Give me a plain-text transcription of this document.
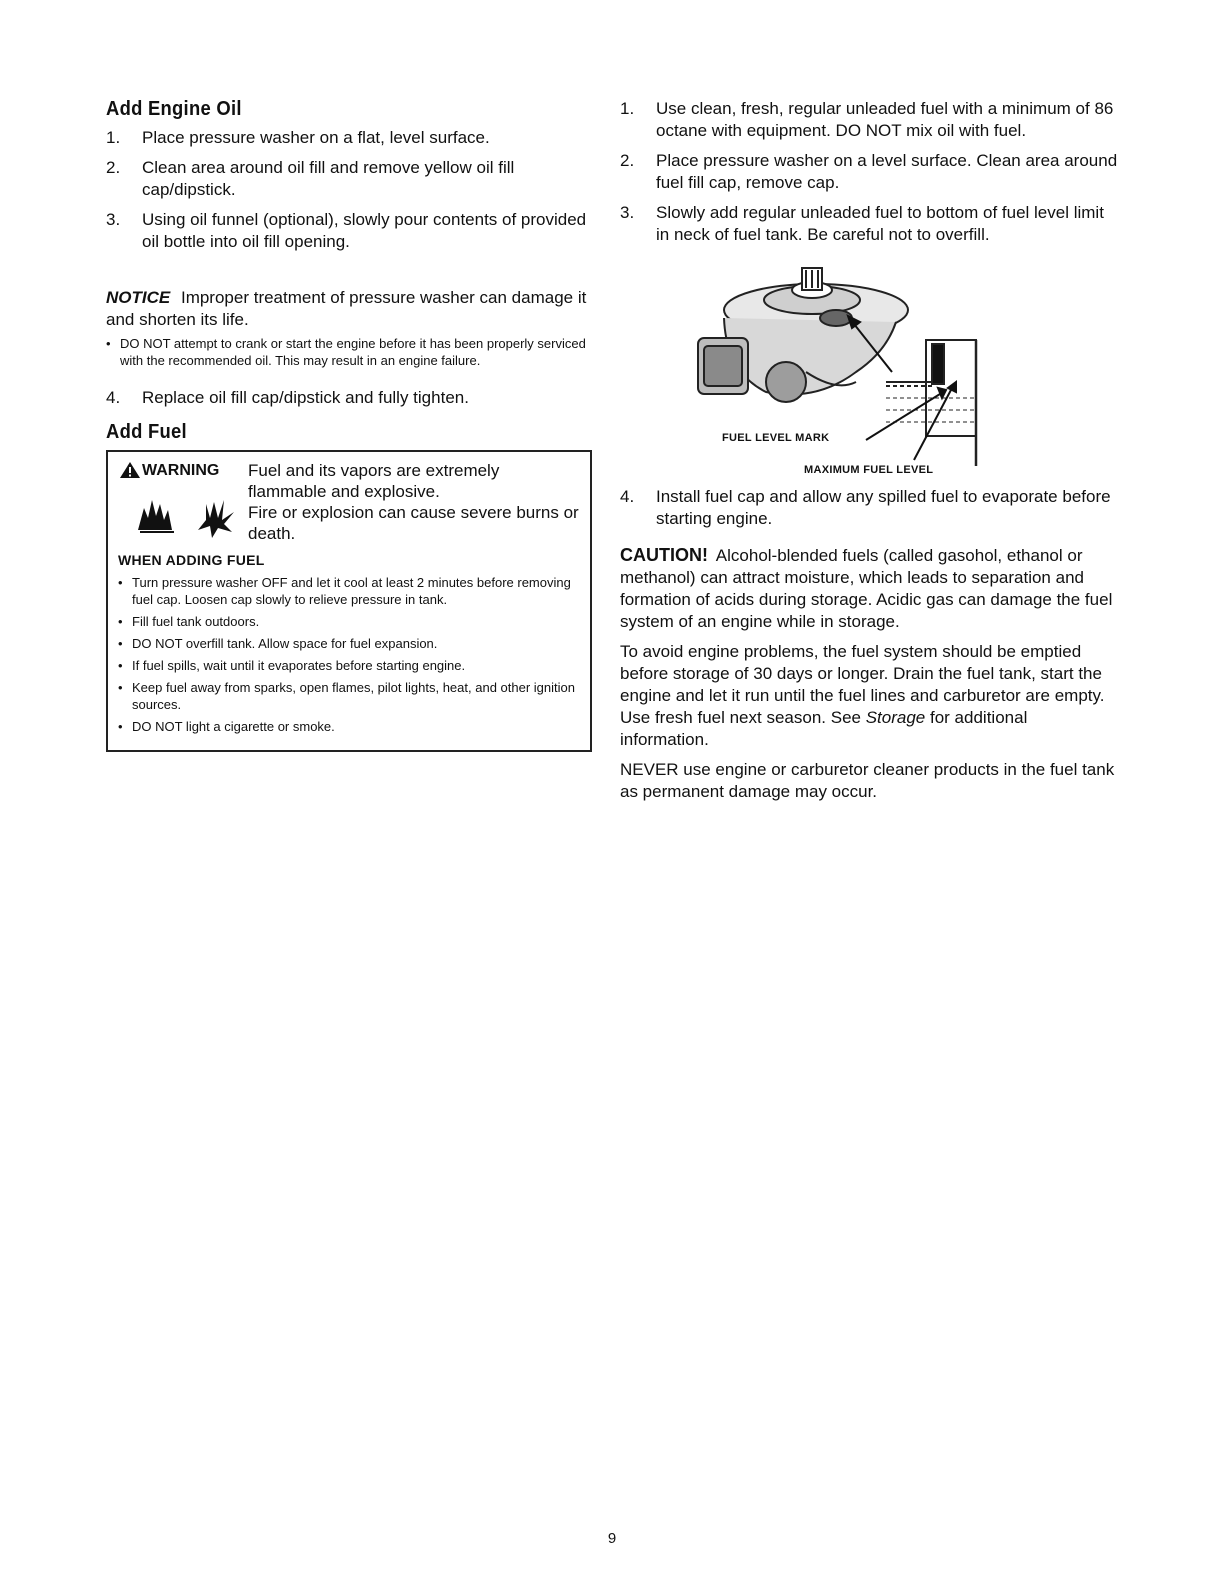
Add Engine Oil
1.	Place pressure washer on a flat, level surface.
2.	Clean area around oil fill and remove yellow oil fill cap/dipstick.
3.	Using oil funnel (optional), slowly pour contents of provided oil bottle into oil fill opening.
NOTICE Improper treatment of pressure washer can damage it and shorten its life.
• DO NOT attempt to crank or start the engine before it has been properly serviced with the recommended oil. This may result in an engine failure.
4.	Replace oil fill cap/dipstick and fully tighten.
Add Fuel
WARNING Fuel and its vapors are extremely flammable and explosive.
Fire or explosion can cause severe burns or death.
WHEN ADDING FUEL
• Turn pressure washer OFF and let it cool at least 2 minutes before removing fuel cap. Loosen cap slowly to relieve pressure in tank.
• Fill fuel tank outdoors.
• DO NOT overfill tank. Allow space for fuel expansion.
• If fuel spills, wait until it evaporates before starting engine.
• Keep fuel away from sparks, open flames, pilot lights, heat, and other ignition sources.
• DO NOT light a cigarette or smoke.
1.	Use clean, fresh, regular unleaded fuel with a minimum of 86 octane with equipment. DO NOT mix oil with fuel.
2.	Place pressure washer on a level surface. Clean area around fuel fill cap, remove cap.
3.	Slowly add regular unleaded fuel to bottom of fuel level limit in neck of fuel tank. Be careful not to overfill.
FUEL LEVEL MARK
MAXIMUM FUEL LEVEL
4.	Install fuel cap and allow any spilled fuel to evaporate before starting engine.

CAUTION! Alcohol-blended fuels (called gasohol, ethanol or methanol) can attract moisture, which leads to separation and formation of acids during storage. Acidic gas can damage the fuel system of an engine while in storage.

To avoid engine problems, the fuel system should be emptied before storage of 30 days or longer. Drain the fuel tank, start the engine and let it run until the fuel lines and carburetor are empty. Use fresh fuel next season. See Storage for additional information.

NEVER use engine or carburetor cleaner products in the fuel tank as permanent damage may occur.

9
